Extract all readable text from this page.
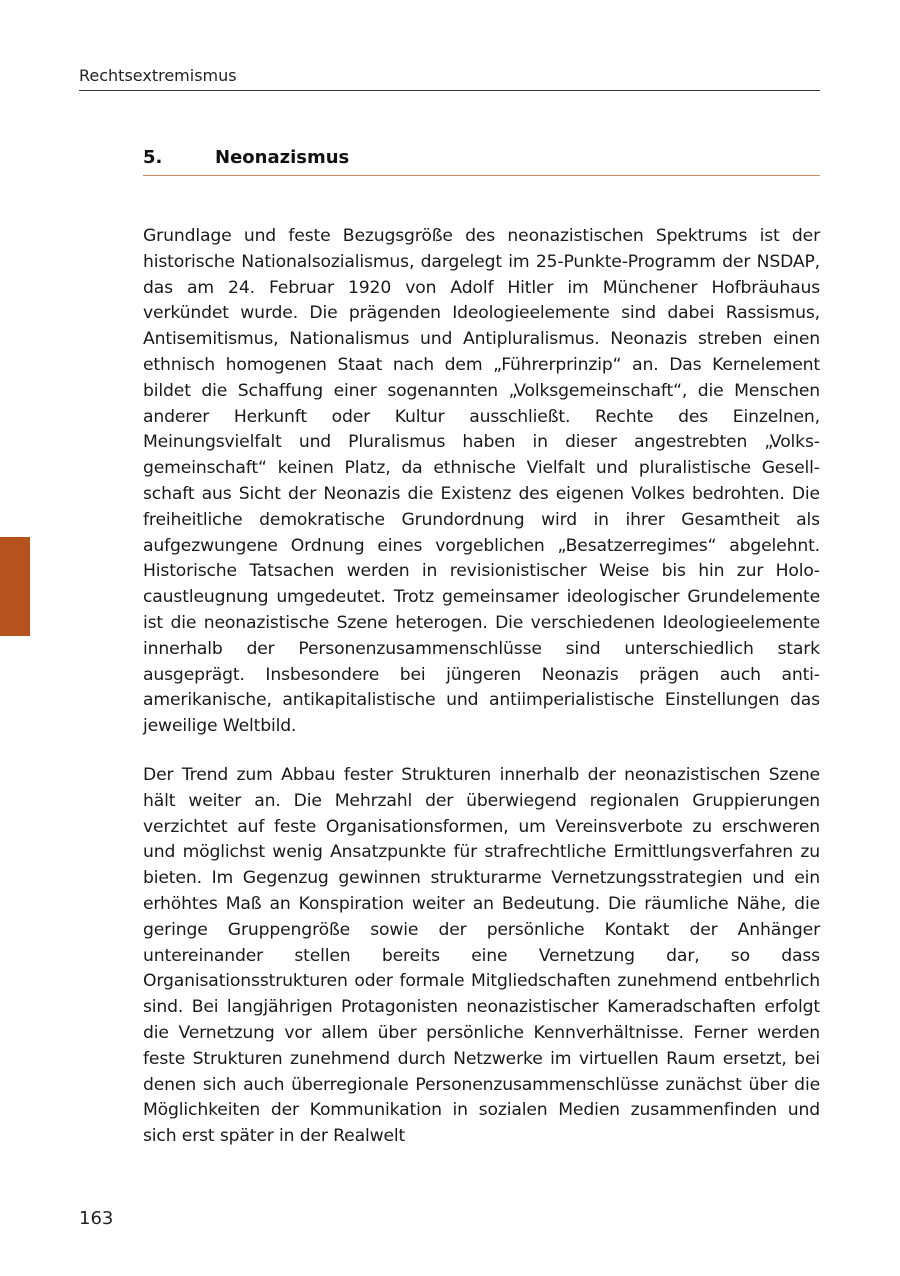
Rechtsextremismus
5.	Neonazismus

Grundlage und feste Bezugsgröße des neonazistischen Spektrums ist der historische Nationalsozialismus, dargelegt im 25-Punkte-Programm der NSDAP, das am 24. Februar 1920 von Adolf Hitler im Münchener Hofbräuhaus verkündet wurde. Die prägenden Ideologieelemente sind dabei Rassismus, Antisemitismus, Nationalismus und Antipluralismus. Neonazis streben einen ethnisch homogenen Staat nach dem „Führerprinzip“ an. Das Kernelement bildet die Schaffung einer sogenannten „Volksgemeinschaft“, die Menschen anderer Herkunft oder Kultur ausschließt. Rechte des Einzelnen, Meinungsvielfalt und Pluralismus haben in dieser angestrebten „Volksgemeinschaft“ keinen Platz, da ethnische Vielfalt und pluralistische Gesellschaft aus Sicht der Neonazis die Existenz des eigenen Volkes bedrohten. Die freiheitliche demokratische Grundordnung wird in ihrer Gesamtheit als aufgezwungene Ordnung eines vorgeblichen „Besatzerregimes“ abgelehnt. Historische Tatsachen werden in revisionistischer Weise bis hin zur Holocaustleugnung umgedeutet. Trotz gemeinsamer ideologischer Grundelemente ist die neonazistische Szene heterogen. Die verschiedenen Ideologieelemente innerhalb der Personenzusammenschlüsse sind unterschiedlich stark ausgeprägt. Insbesondere bei jüngeren Neonazis prägen auch antiamerikanische, antikapitalistische und antiimperialistische Einstellungen das jeweilige Weltbild.

Der Trend zum Abbau fester Strukturen innerhalb der neonazistischen Szene hält weiter an. Die Mehrzahl der überwiegend regionalen Gruppierungen verzichtet auf feste Organisationsformen, um Vereinsverbote zu erschweren und möglichst wenig Ansatzpunkte für strafrechtliche Ermittlungsverfahren zu bieten. Im Gegenzug gewinnen strukturarme Vernetzungsstrategien und ein erhöhtes Maß an Konspiration weiter an Bedeutung. Die räumliche Nähe, die geringe Gruppengröße sowie der persönliche Kontakt der Anhänger untereinander stellen bereits eine Vernetzung dar, so dass Organisationsstrukturen oder formale Mitgliedschaften zunehmend entbehrlich sind. Bei langjährigen Protagonisten neonazistischer Kameradschaften erfolgt die Vernetzung vor allem über persönliche Kennverhältnisse. Ferner werden feste Strukturen zunehmend durch Netzwerke im virtuellen Raum ersetzt, bei denen sich auch überregionale Personenzusammenschlüsse zunächst über die Möglichkeiten der Kommunikation in sozialen Medien zusammenfinden und sich erst später in der Realwelt

163
